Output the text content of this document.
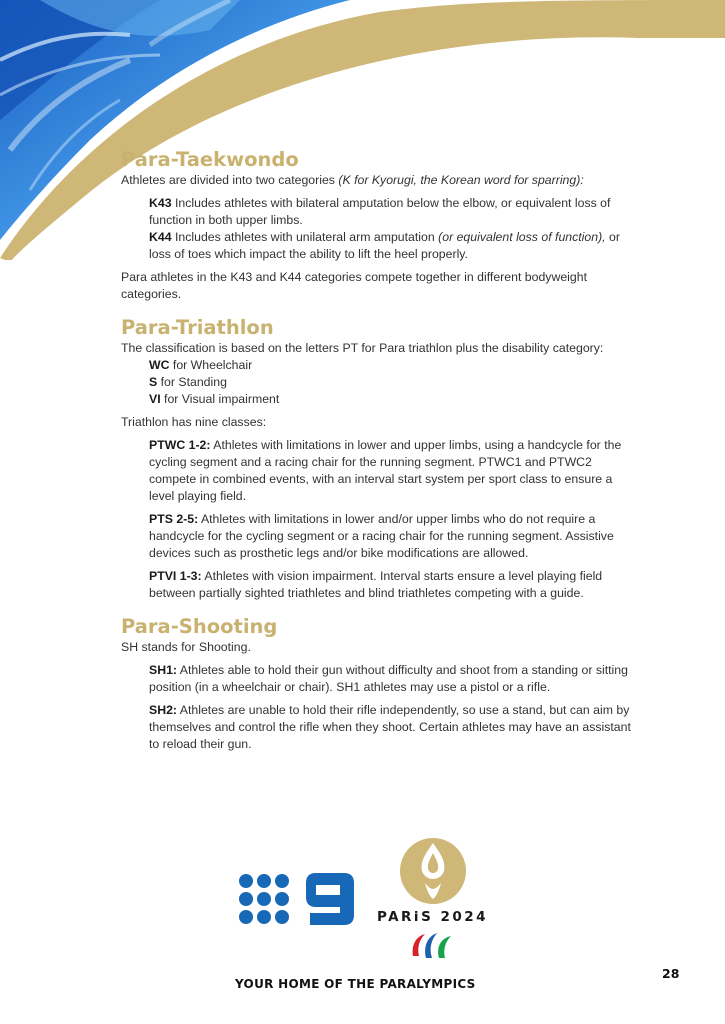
Para-Taekwondo

Athletes are divided into two categories (K for Kyorugi, the Korean word for sparring):

K43 Includes athletes with bilateral amputation below the elbow, or equivalent loss of function in both upper limbs.

K44 Includes athletes with unilateral arm amputation (or equivalent loss of function), or loss of toes which impact the ability to lift the heel properly.

Para athletes in the K43 and K44 categories compete together in different bodyweight categories.

Para-Triathlon

The classification is based on the letters PT for Para triathlon plus the disability category:

WC for Wheelchair

S for Standing

VI for Visual impairment

Triathlon has nine classes:

PTWC 1-2: Athletes with limitations in lower and upper limbs, using a handcycle for the cycling segment and a racing chair for the running segment. PTWC1 and PTWC2 compete in combined events, with an interval start system per sport class to ensure a level playing field.

PTS 2-5: Athletes with limitations in lower and/or upper limbs who do not require a handcycle for the cycling segment or a racing chair for the running segment. Assistive devices such as prosthetic legs and/or bike modifications are allowed.

PTVI 1-3: Athletes with vision impairment. Interval starts ensure a level playing field between partially sighted triathletes and blind triathletes competing with a guide.

Para-Shooting

SH stands for Shooting.

SH1: Athletes able to hold their gun without difficulty and shoot from a standing or sitting position (in a wheelchair or chair). SH1 athletes may use a pistol or a rifle.

SH2: Athletes are unable to hold their rifle independently, so use a stand, but can aim by themselves and control the rifle when they shoot. Certain athletes may have an assistant to reload their gun.

PARiS 2024
YOUR HOME OF THE PARALYMPICS
28
